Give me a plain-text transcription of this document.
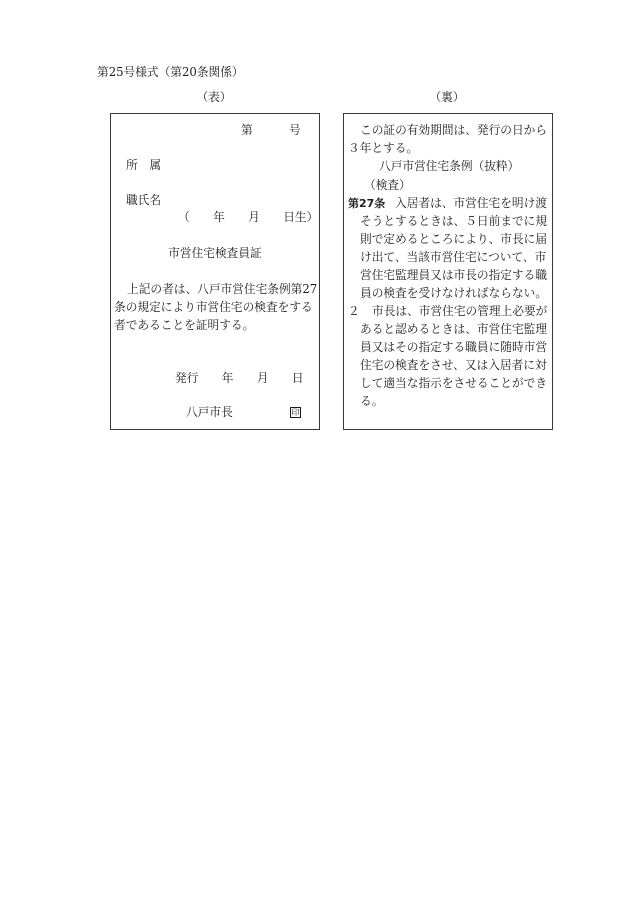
第25号様式（第20条関係）
（表）	（裏）
第	号
所　属
職氏名
（　　年　　月　　日生）
市営住宅検査員証
上記の者は、八戸市営住宅条例第27
条の規定により市営住宅の検査をする
者であることを証明する。
発行　　年　　月　　日
八戸市長	印
この証の有効期間は、発行の日から
３年とする。
八戸市営住宅条例（抜粋）
（検査）
第27条 入居者は、市営住宅を明け渡
そうとするときは、５日前までに規
則で定めるところにより、市長に届
け出て、当該市営住宅について、市
営住宅監理員又は市長の指定する職
員の検査を受けなければならない。
２ 市長は、市営住宅の管理上必要が
あると認めるときは、市営住宅監理
員又はその指定する職員に随時市営
住宅の検査をさせ、又は入居者に対
して適当な指示をさせることができ
る。
